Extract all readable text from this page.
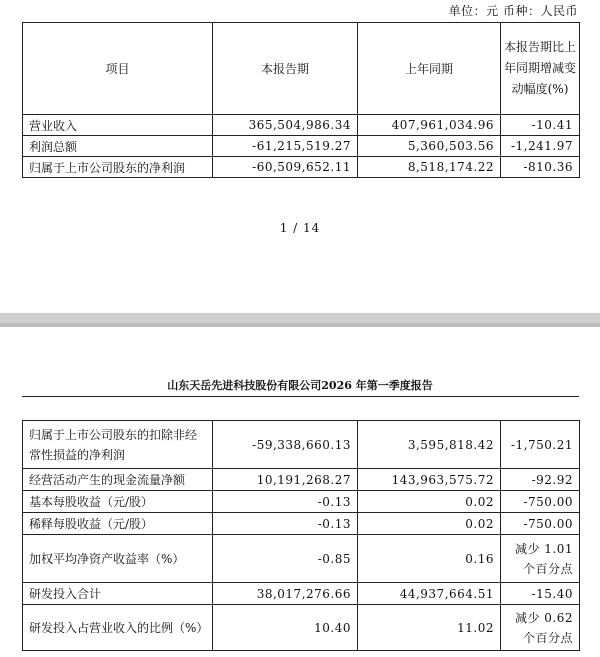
单位：元 币种：人民币
项目	本报告期	上年同期	本报告期比上年同期增减变动幅度(%)
营业收入	365,504,986.34	407,961,034.96	-10.41
利润总额	-61,215,519.27	5,360,503.56	-1,241.97
归属于上市公司股东的净利润	-60,509,652.11	8,518,174.22	-810.36
1 / 14
山东天岳先进科技股份有限公司2026 年第一季度报告
归属于上市公司股东的扣除非经常性损益的净利润	-59,338,660.13	3,595,818.42	-1,750.21
经营活动产生的现金流量净额	10,191,268.27	143,963,575.72	-92.92
基本每股收益（元/股）	-0.13	0.02	-750.00
稀释每股收益（元/股）	-0.13	0.02	-750.00
加权平均净资产收益率（%）	-0.85	0.16	减少 1.01 个百分点
研发投入合计	38,017,276.66	44,937,664.51	-15.40
研发投入占营业收入的比例（%）	10.40	11.02	减少 0.62 个百分点
